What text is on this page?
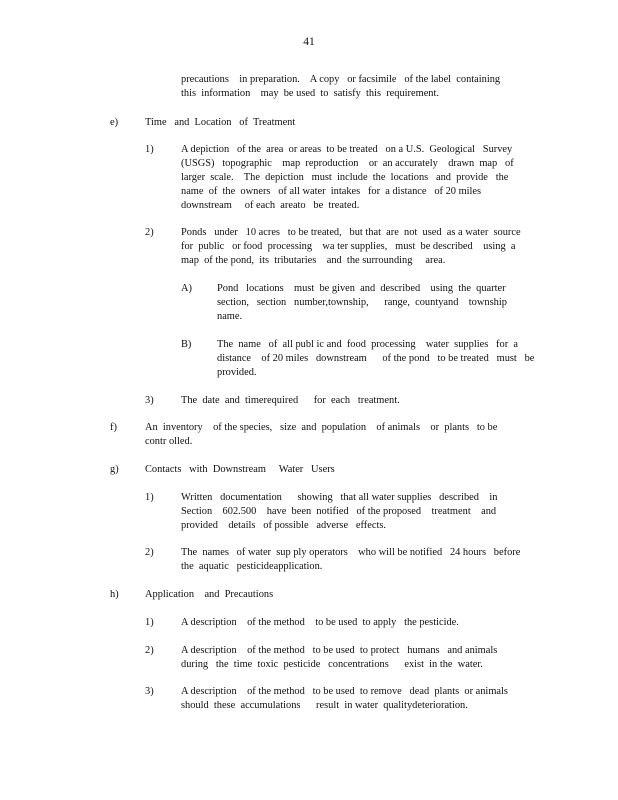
41
precautions    in preparation.    A copy   or facsimile   of the label  containing
this  information    may  be used  to  satisfy  this  requirement.
e)	Time   and  Location   of  Treatment
1)	A depiction   of the  area  or areas  to be treated   on a U.S.  Geological   Survey
(USGS)   topographic    map  reproduction    or  an accurately    drawn  map   of
larger  scale.    The  depiction   must  include  the  locations   and  provide   the
name  of  the  owners   of all water  intakes   for  a distance   of 20 miles
downstream     of each  areato   be  treated.
2)	Ponds   under   10 acres   to be treated,   but that  are  not  used  as a water  source
for  public   or food  processing    wa ter supplies,   must  be described    using  a
map  of the pond,  its  tributaries    and  the surrounding     area.
A) Pond   locations    must  be given  and  described    using  the  quarter
section,   section   number,township,      range,  countyand    township
name.
B) The  name   of  all publ ic and  food  processing    water  supplies   for  a
distance    of 20 miles   downstream      of the pond   to be treated   must   be
provided.
3)	The  date  and  timerequired      for  each   treatment.
f)	An  inventory    of the species,   size  and  population    of animals    or  plants   to be
contr olled.
g)	Contacts   with  Downstream     Water   Users
1)	Written   documentation      showing   that all water supplies   described    in
Section    602.500    have  been  notified   of the proposed    treatment    and
provided    details   of possible   adverse   effects.
2)	The  names   of water  sup ply operators    who will be notified   24 hours   before
the  aquatic   pesticideapplication.
h)	Application    and  Precautions
1)	A description    of the method    to be used  to apply   the pesticide.
2)	A description    of the method   to be used  to protect   humans   and animals
during   the  time  toxic  pesticide   concentrations      exist  in the  water.
3)	A description    of the method   to be used  to remove   dead  plants  or animals
should  these  accumulations      result  in water  qualitydeterioration.
